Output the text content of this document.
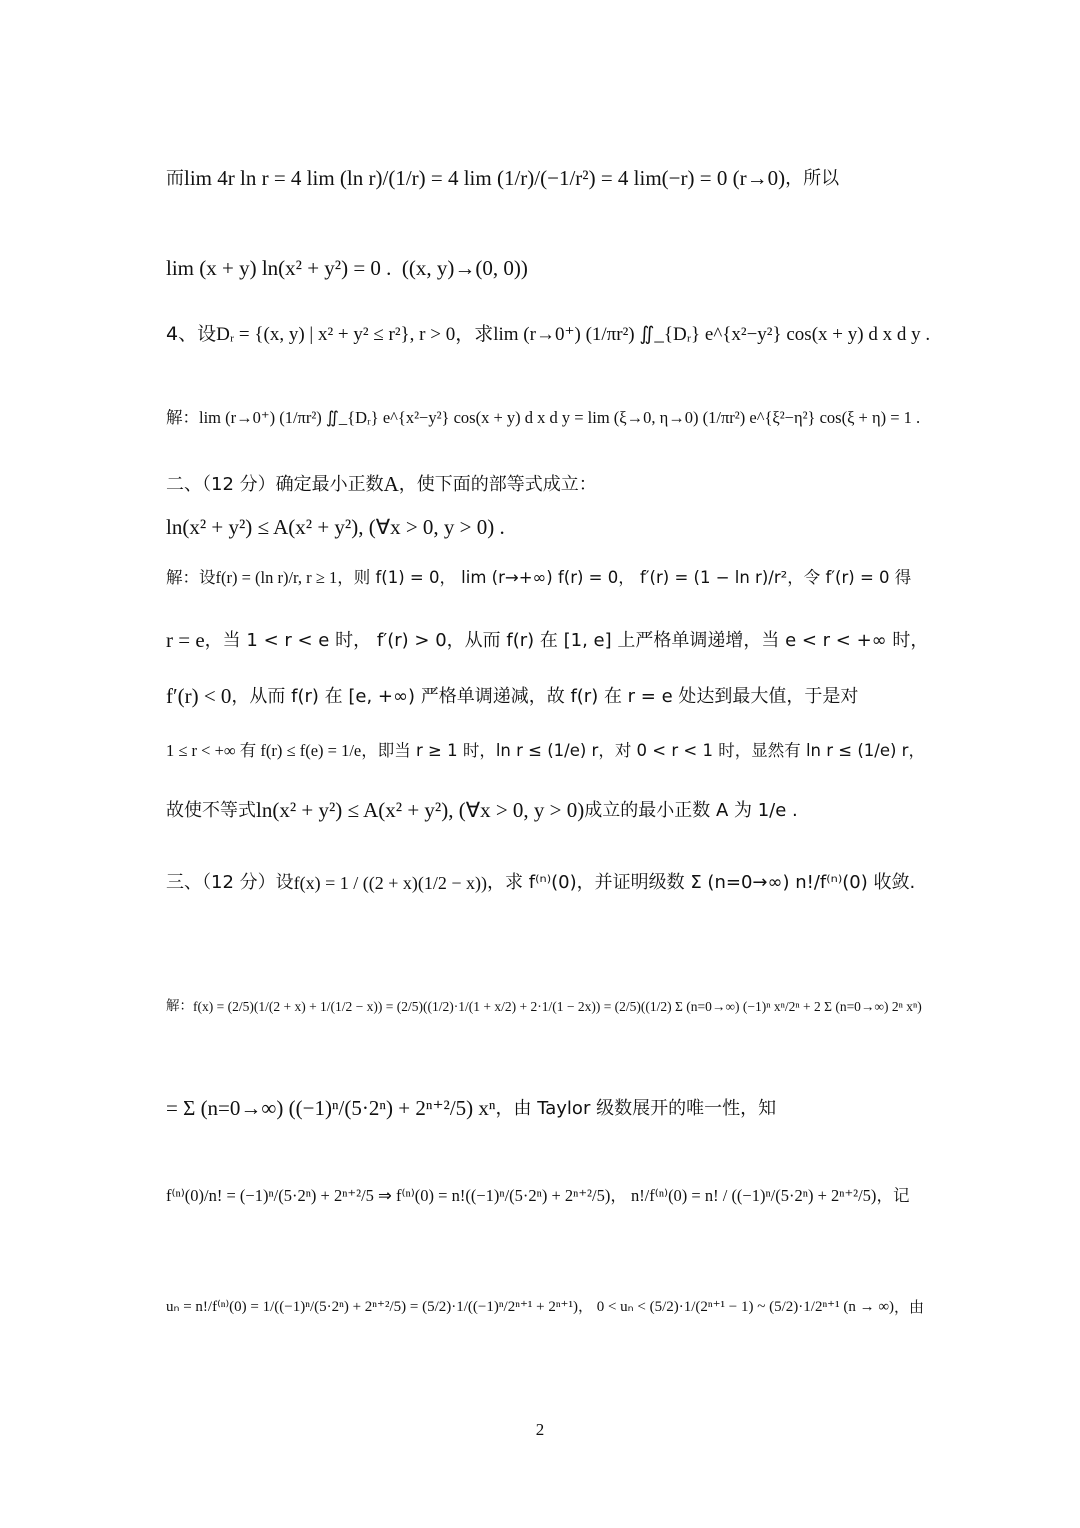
而 lim 4r ln r = 4 lim (ln r)/(1/r) = 4 lim (1/r)/(−1/r²) = 4 lim(−r) = 0 (r→0) ，所以
lim (x + y) ln(x² + y²) = 0 .  ((x, y)→(0, 0))
4、设 Dᵣ = {(x, y) | x² + y² ≤ r²}, r > 0 ，求 lim (r→0⁺) (1/πr²) ∬_{Dᵣ} e^{x²−y²} cos(x + y) d x d y .
解： lim (r→0⁺) (1/πr²) ∬_{Dᵣ} e^{x²−y²} cos(x + y) d x d y = lim (ξ→0, η→0) (1/πr²) e^{ξ²−η²} cos(ξ + η) = 1 .
二、（12 分）确定最小正数 A ，使下面的部等式成立：
ln(x² + y²) ≤ A(x² + y²), (∀x > 0, y > 0) .
解：设 f(r) = (ln r)/r, r ≥ 1 ，则 f(1) = 0， lim (r→+∞) f(r) = 0， f′(r) = (1 − ln r)/r²，令 f′(r) = 0 得
r = e ，当 1 < r < e 时， f′(r) > 0，从而 f(r) 在 [1, e] 上严格单调递增，当 e < r < +∞ 时，
f′(r) < 0 ，从而 f(r) 在 [e, +∞) 严格单调递减，故 f(r) 在 r = e 处达到最大值，于是对
1 ≤ r < +∞ 有 f(r) ≤ f(e) = 1/e ，即当 r ≥ 1 时，ln r ≤ (1/e) r，对 0 < r < 1 时，显然有 ln r ≤ (1/e) r，
故使不等式 ln(x² + y²) ≤ A(x² + y²), (∀x > 0, y > 0) 成立的最小正数 A 为 1/e .
三、（12 分）设 f(x) = 1 / ((2 + x)(1/2 − x)) ，求 f⁽ⁿ⁾(0)，并证明级数 Σ (n=0→∞) n!/f⁽ⁿ⁾(0) 收敛.
解： f(x) = (2/5)(1/(2 + x) + 1/(1/2 − x)) = (2/5)((1/2)·1/(1 + x/2) + 2·1/(1 − 2x)) = (2/5)((1/2) Σ (n=0→∞) (−1)ⁿ xⁿ/2ⁿ + 2 Σ (n=0→∞) 2ⁿ xⁿ)
= Σ (n=0→∞) ((−1)ⁿ/(5·2ⁿ) + 2ⁿ⁺²/5) xⁿ ，由 Taylor 级数展开的唯一性，知
f⁽ⁿ⁾(0)/n! = (−1)ⁿ/(5·2ⁿ) + 2ⁿ⁺²/5 ⇒ f⁽ⁿ⁾(0) = n!((−1)ⁿ/(5·2ⁿ) + 2ⁿ⁺²/5)， n!/f⁽ⁿ⁾(0) = n! / ((−1)ⁿ/(5·2ⁿ) + 2ⁿ⁺²/5) ，记
uₙ = n!/f⁽ⁿ⁾(0) = 1/((−1)ⁿ/(5·2ⁿ) + 2ⁿ⁺²/5) = (5/2)·1/((−1)ⁿ/2ⁿ⁺¹ + 2ⁿ⁺¹)， 0 < uₙ < (5/2)·1/(2ⁿ⁺¹ − 1) ~ (5/2)·1/2ⁿ⁺¹ (n → ∞) ，由
2
